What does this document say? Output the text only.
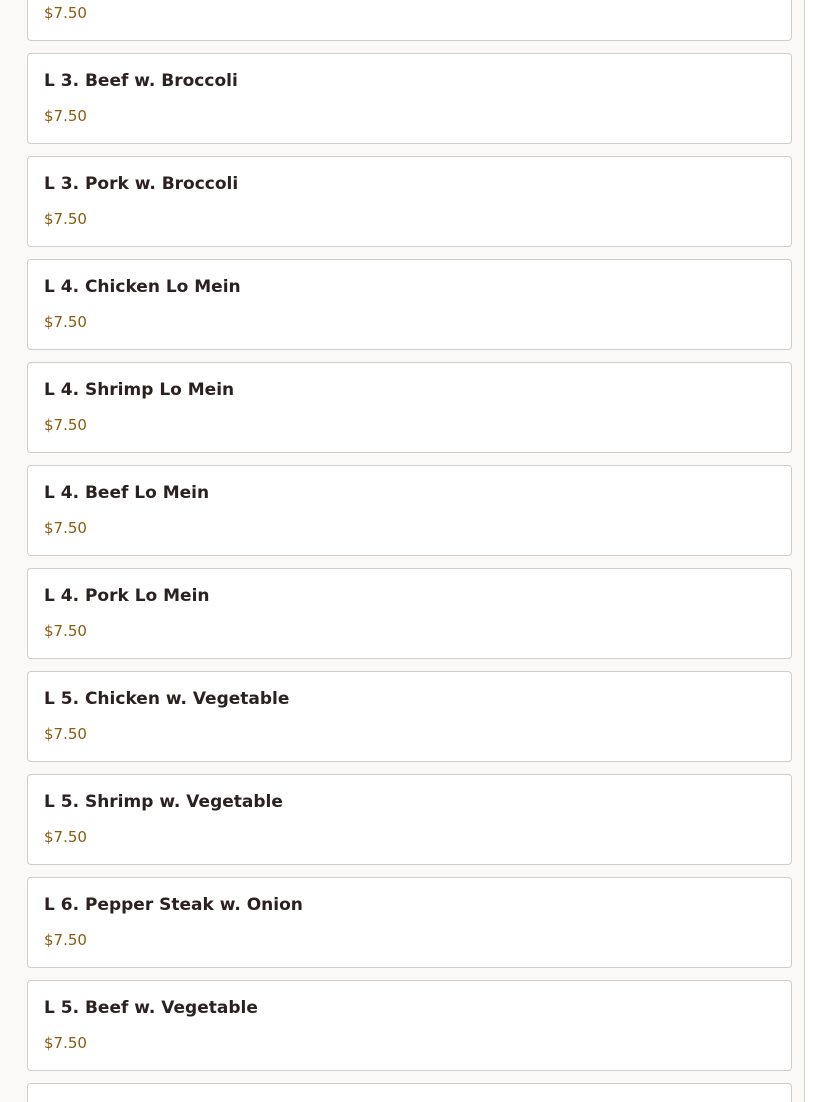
$7.50
L 3. Beef w. Broccoli
$7.50
L 3. Pork w. Broccoli
$7.50
L 4. Chicken Lo Mein
$7.50
L 4. Shrimp Lo Mein
$7.50
L 4. Beef Lo Mein
$7.50
L 4. Pork Lo Mein
$7.50
L 5. Chicken w. Vegetable
$7.50
L 5. Shrimp w. Vegetable
$7.50
L 6. Pepper Steak w. Onion
$7.50
L 5. Beef w. Vegetable
$7.50
